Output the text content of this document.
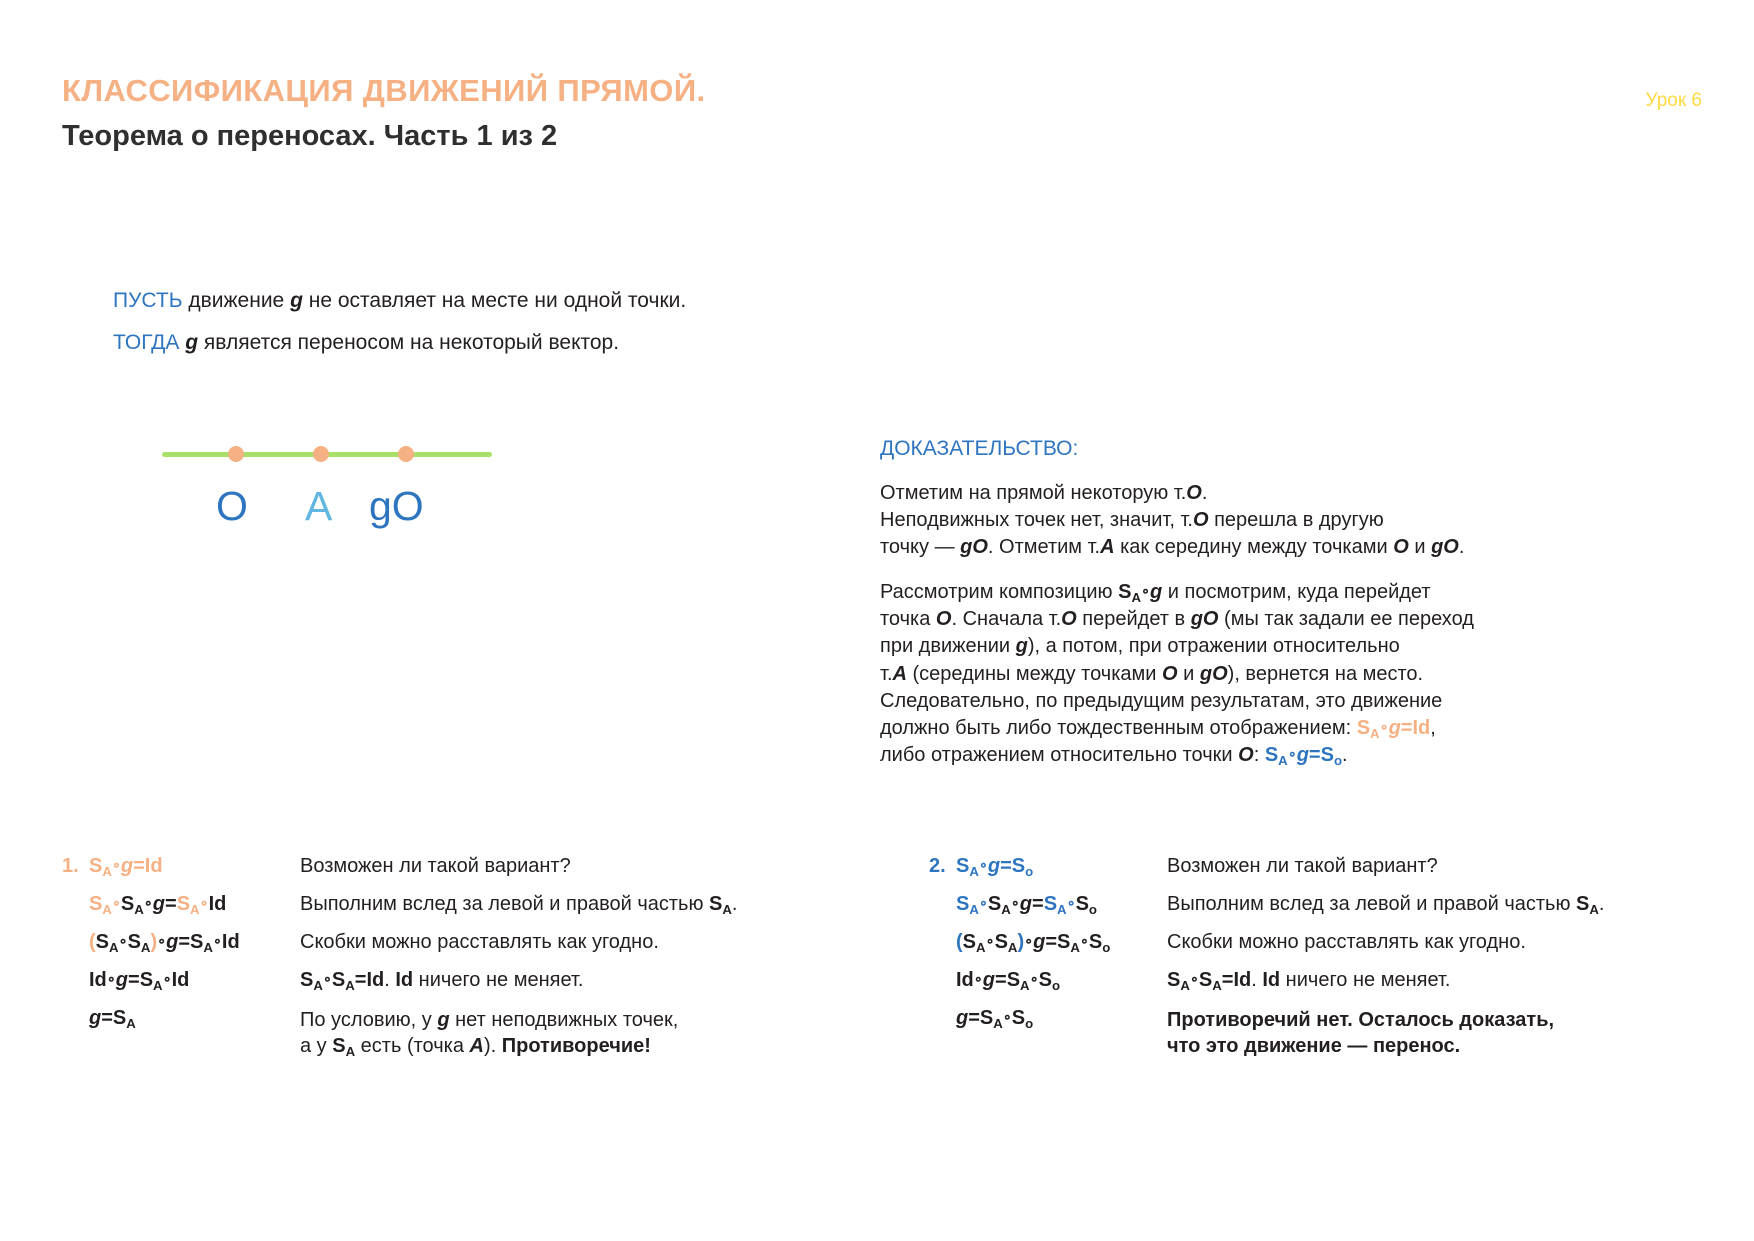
КЛАССИФИКАЦИЯ ДВИЖЕНИЙ ПРЯМОЙ.
Теорема о переносах. Часть 1 из 2
Урок 6
ПУСТЬ движение g не оставляет на месте ни одной точки.
ТОГДА g является переносом на некоторый вектор.
O A gO
ДОКАЗАТЕЛЬСТВО:
Отметим на прямой некоторую т.O.
Неподвижных точек нет, значит, т.O перешла в другую
точку — gO. Отметим т.A как середину между точками O и gO.
Рассмотрим композицию $S_A\circ g$ и посмотрим, куда перейдет
точка O. Сначала т.O перейдет в gO (мы так задали ее переход
при движении g), а потом, при отражении относительно
т.A (середины между точками O и gO), вернется на место.
Следовательно, по предыдущим результатам, это движение
должно быть либо тождественным отображением: $S_A\circ g=Id$,
либо отражением относительно точки O: $S_A\circ g=S_o$.
1. $S_A\circ g=Id$
$S_A\circ S_A\circ g=S_A\circ Id$
$(S_A\circ S_A)\circ g=S_A\circ Id$
$Id\circ g=S_A\circ Id$
$g=S_A$
Возможен ли такой вариант?
Выполним вслед за левой и правой частью $S_A$.
Скобки можно расставлять как угодно.
$S_A\circ S_A=Id$. Id ничего не меняет.
По условию, у g нет неподвижных точек,
а у $S_A$ есть (точка A). Противоречие!
2. $S_A\circ g=S_o$
$S_A\circ S_A\circ g=S_A\circ S_o$
$(S_A\circ S_A)\circ g=S_A\circ S_o$
$Id\circ g=S_A\circ S_o$
$g=S_A\circ S_o$
Возможен ли такой вариант?
Выполним вслед за левой и правой частью $S_A$.
Скобки можно расставлять как угодно.
$S_A\circ S_A=Id$. Id ничего не меняет.
Противоречий нет. Осталось доказать,
что это движение — перенос.
